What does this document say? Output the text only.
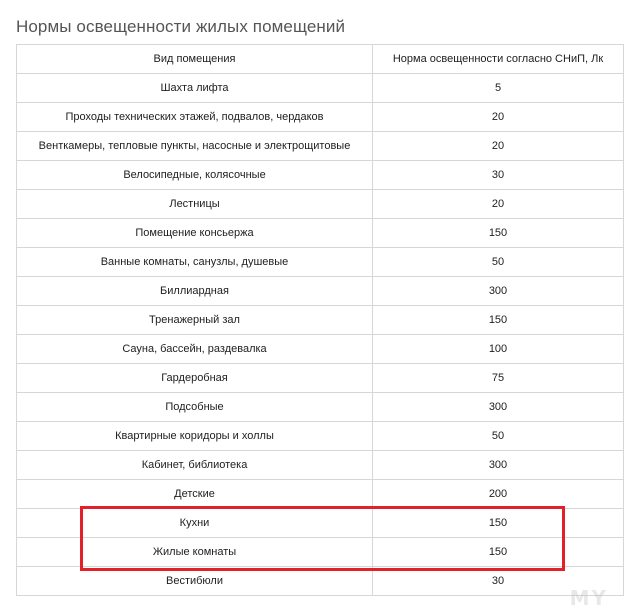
Нормы освещенности жилых помещений
Вид помещения	Норма освещенности согласно СНиП, Лк
Шахта лифта	5
Проходы технических этажей, подвалов, чердаков	20
Венткамеры, тепловые пункты, насосные и электрощитовые	20
Велосипедные, колясочные	30
Лестницы	20
Помещение консьержа	150
Ванные комнаты, санузлы, душевые	50
Биллиардная	300
Тренажерный зал	150
Сауна, бассейн, раздевалка	100
Гардеробная	75
Подсобные	300
Квартирные коридоры и холлы	50
Кабинет, библиотека	300
Детские	200
Кухни	150
Жилые комнаты	150
Вестибюли	30
MY
